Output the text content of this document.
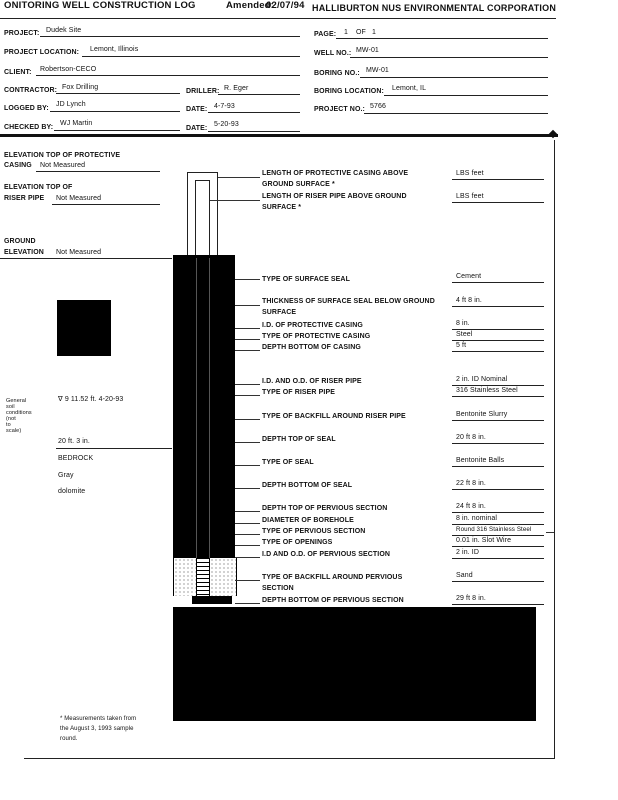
ONITORING WELL CONSTRUCTION LOG	Amended:
02/07/94 HALLIBURTON NUS ENVIRONMENTAL CORPORATION
PROJECT: Dudek Site
PAGE: 1 OF 1
PROJECT LOCATION: Lemont, Illinois
WELL NO.: MW-01
CLIENT: Robertson-CECO
BORING NO.: MW-01
CONTRACTOR: Fox Drilling
DRILLER: R. Eger	BORING LOCATION: Lemont, IL
LOGGED BY:
JD Lynch
DATE: 4-7-93	PROJECT NO.: 5766
CHECKED BY:
WJ Martin
DATE:
5-20-93
ELEVATION TOP OF PROTECTIVE
CASING Not Measured
ELEVATION TOP OF
RISER PIPE Not Measured
GROUND
ELEVATION Not Measured
General
soil
conditions
(not
to
scale)
∇ 9 11.52 ft. 4-20-93
20 ft. 3 in.
BEDROCK
Gray
dolomite
* Measurements taken from
the August 3, 1993 sample
round.
LENGTH OF PROTECTIVE CASING ABOVE
GROUND SURFACE *
LBS feet
LENGTH OF RISER PIPE ABOVE GROUND
SURFACE *
LBS feet
TYPE OF SURFACE SEAL	Cement
THICKNESS OF SURFACE SEAL BELOW GROUND
SURFACE
4 ft 8 in.
I.D. OF PROTECTIVE CASING	8 in.
TYPE OF PROTECTIVE CASING	Steel
DEPTH BOTTOM OF CASING	5 ft
I.D. AND O.D. OF RISER PIPE	2 in. ID Nominal
TYPE OF RISER PIPE	316 Stainless Steel
TYPE OF BACKFILL AROUND RISER PIPE	Bentonite Slurry
DEPTH TOP OF SEAL	20 ft 8 in.
TYPE OF SEAL	Bentonite Balls
DEPTH BOTTOM OF SEAL	22 ft 8 in.
DEPTH TOP OF PERVIOUS SECTION	24 ft 8 in.
DIAMETER OF BOREHOLE	8 in. nominal
TYPE OF PERVIOUS SECTION	Round 316 Stainless Steel
TYPE OF OPENINGS	0.01 in. Slot Wire
I.D AND O.D. OF PERVIOUS SECTION	2 in. ID
TYPE OF BACKFILL AROUND PERVIOUS
SECTION
Sand
DEPTH BOTTOM OF PERVIOUS SECTION	29 ft 8 in.
